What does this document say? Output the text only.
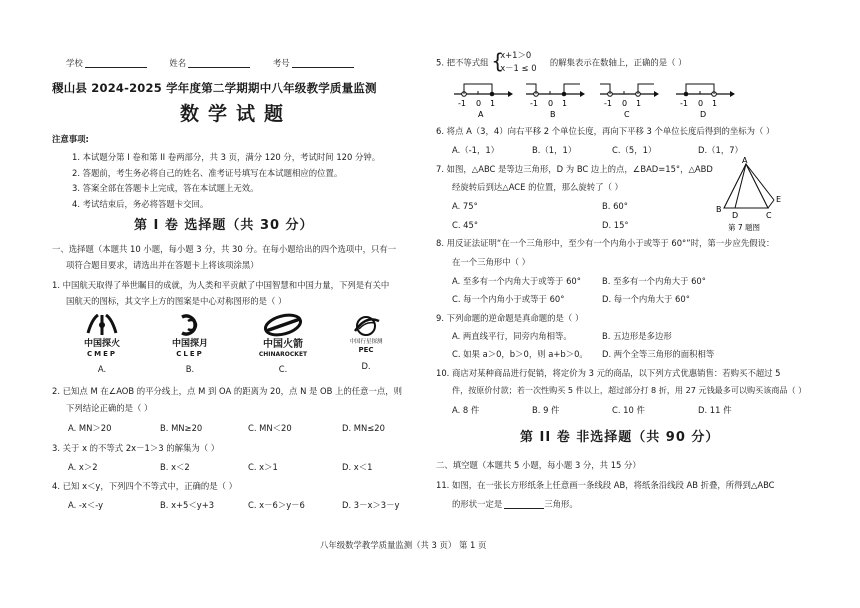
学校	姓名	考号
稷山县 2024-2025 学年度第二学期期中八年级教学质量监测
数学试题
注意事项:
1. 本试题分第 I 卷和第 II 卷两部分，共 3 页，满分 120 分，考试时间 120 分钟。
2. 答题前，考生务必将自己的姓名、准考证号填写在本试题相应的位置。
3. 答案全部在答题卡上完成，答在本试题上无效。
4. 考试结束后，务必将答题卡交回。
第 I 卷 选择题（共 30 分）
一、选择题（本题共 10 小题，每小题 3 分，共 30 分。在每小题给出的四个选项中，只有一
项符合题目要求，请选出并在答题卡上将该项涂黑）
1. 中国航天取得了举世瞩目的成就，为人类和平贡献了中国智慧和中国力量，下列是有关中
国航天的图标，其文字上方的图案是中心对称图形的是（ ）
中国探火
CMEP
A.
中国探月
CLEP
B.
中国火箭
CHINAROCKET
C.
中国行星探测
PEC
D.
2. 已知点 M 在∠AOB 的平分线上，点 M 到 OA 的距离为 20，点 N 是 OB 上的任意一点，则
下列结论正确的是（ ）
A. MN＞20	B. MN≥20	C. MN＜20	D. MN≤20
3. 关于 x 的不等式 2x－1＞3 的解集为（ ）
A. x＞2	B. x＜2	C. x＞1	D. x＜1
4. 已知 x＜y，下列四个不等式中，正确的是（ ）
A. -x＜-y	B. x+5＜y+3	C. x－6＞y－6	D. 3－x＞3－y
5. 把不等式组 {
x+1＞0
x－1 ≤ 0
的解集表示在数轴上，正确的是（ ）
-1 0 1
A
-1 0 1
B
-1 0 1
C
-1 0 1
D
6. 将点 A（3，4）向右平移 2 个单位长度，再向下平移 3 个单位长度后得到的坐标为（ ）
A.（-1，1）	B.（1，1）	C.（5，1）	D.（1，7）
7. 如图，△ABC 是等边三角形，D 为 BC 边上的点，∠BAD=15°，△ABD
经旋转后到达△ACE 的位置，那么旋转了（ ）
A. 75°	B. 60°
C. 45°	D. 15°
A
B
D	C
E
第 7 题图
8. 用反证法证明“在一个三角形中，至少有一个内角小于或等于 60°”时，第一步应先假设：
在一个三角形中（ ）
A. 至多有一个内角大于或等于 60°	B. 至多有一个内角大于 60°
C. 每一个内角小于或等于 60°	D. 每一个内角大于 60°
9. 下列命题的逆命题是真命题的是（ ）
A. 两直线平行，同旁内角相等。	B. 五边形是多边形
C. 如果 a＞0，b＞0，则 a+b＞0。 D. 两个全等三角形的面积相等
10. 商店对某种商品进行促销，将定价为 3 元的商品，以下列方式优惠销售：若购买不超过 5
件，按原价付款；若一次性购买 5 件以上，超过部分打 8 折，用 27 元钱最多可以购买该商品（ ）
A. 8 件	B. 9 件	C. 10 件	D. 11 件
第 II 卷 非选择题（共 90 分）
二、填空题（本题共 5 小题，每小题 3 分，共 15 分）
11. 如图，在一张长方形纸条上任意画一条线段 AB，将纸条沿线段 AB 折叠，所得到△ABC
的形状一定是	三角形。
八年级数学教学质量监测（共 3 页） 第 1 页
